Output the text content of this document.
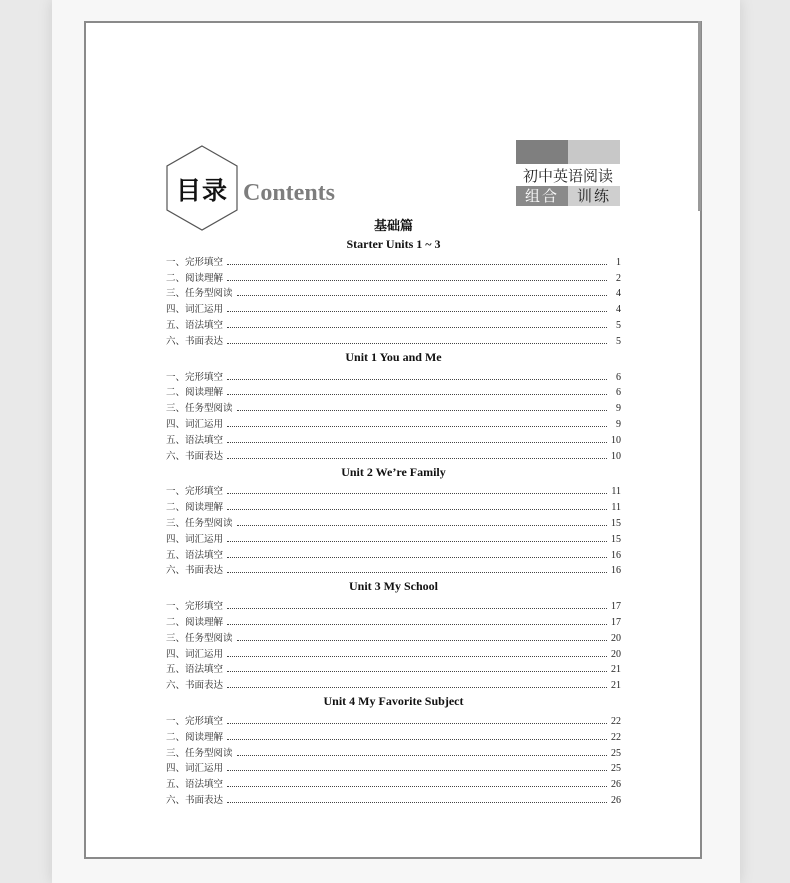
目录 Contents
初中英语阅读
组合	训练
基础篇
Starter Units 1 ~ 3
一、完形填空	1
二、阅读理解	2
三、任务型阅读	4
四、词汇运用	4
五、语法填空	5
六、书面表达	5
Unit 1 You and Me
一、完形填空	6
二、阅读理解	6
三、任务型阅读	9
四、词汇运用	9
五、语法填空	10
六、书面表达	10
Unit 2 We’re Family
一、完形填空	11
二、阅读理解	11
三、任务型阅读	15
四、词汇运用	15
五、语法填空	16
六、书面表达	16
Unit 3 My School
一、完形填空	17
二、阅读理解	17
三、任务型阅读	20
四、词汇运用	20
五、语法填空	21
六、书面表达	21
Unit 4 My Favorite Subject
一、完形填空	22
二、阅读理解	22
三、任务型阅读	25
四、词汇运用	25
五、语法填空	26
六、书面表达	26
